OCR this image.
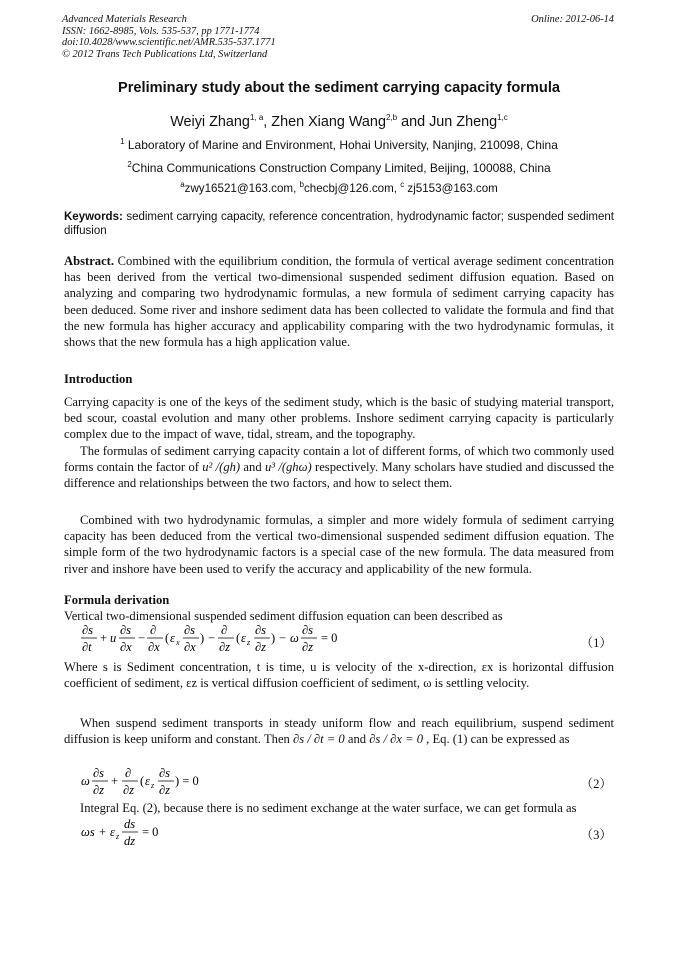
Advanced Materials Research
ISSN: 1662-8985, Vols. 535-537, pp 1771-1774
doi:10.4028/www.scientific.net/AMR.535-537.1771
© 2012 Trans Tech Publications Ltd, Switzerland
Online: 2012-06-14
Preliminary study about the sediment carrying capacity formula
Weiyi Zhang$^{1, a}$, Zhen Xiang Wang$^{2,b}$ and Jun Zheng$^{1,c}$
$^1$ Laboratory of Marine and Environment, Hohai University, Nanjing, 210098, China
$^2$China Communications Construction Company Limited, Beijing, 100088, China
$^a$zwy16521@163.com, $^b$checbj@126.com, $^c$ zj5153@163.com
Keywords: sediment carrying capacity, reference concentration, hydrodynamic factor; suspended sediment diffusion
Abstract. Combined with the equilibrium condition, the formula of vertical average sediment concentration has been derived from the vertical two-dimensional suspended sediment diffusion equation. Based on analyzing and comparing two hydrodynamic formulas, a new formula of sediment carrying capacity has been deduced. Some river and inshore sediment data has been collected to validate the formula and find that the new formula has higher accuracy and applicability comparing with the two hydrodynamic formulas, it shows that the new formula has a high application value.
Introduction
Carrying capacity is one of the keys of the sediment study, which is the basic of studying material transport, bed scour, coastal evolution and many other problems. Inshore sediment carrying capacity is particularly complex due to the impact of wave, tidal, stream, and the topography.
The formulas of sediment carrying capacity contain a lot of different forms, of which two commonly used forms contain the factor of u² /(gh) and u³ /(ghω) respectively. Many scholars have studied and discussed the difference and relationships between the two factors, and how to select them.
Combined with two hydrodynamic formulas, a simpler and more widely formula of sediment carrying capacity has been deduced from the vertical two-dimensional suspended sediment diffusion equation. The simple form of the two hydrodynamic factors is a special case of the new formula. The data measured from river and inshore have been used to verify the accuracy and applicability of the new formula.
Formula derivation
Vertical two-dimensional suspended sediment diffusion equation can been described as
∂s
∂t
+ u
∂s
∂x
−
∂
∂x
( ε x
∂s
∂x
) −
∂
∂z
( ε z
∂s
∂z
) − ω
∂s
∂z
= 0	（1）
Where s is Sediment concentration, t is time, u is velocity of the x-direction, εx is horizontal diffusion coefficient of sediment, εz is vertical diffusion coefficient of sediment, ω is settling velocity.
When suspend sediment transports in steady uniform flow and reach equilibrium, suspend sediment diffusion is keep uniform and constant. Then ∂s / ∂t = 0 and ∂s / ∂x = 0 , Eq. (1) can be expressed as
ω
∂s
∂z
+
∂
∂z
( ε z
∂s
∂z
) = 0	（2）
Integral Eq. (2), because there is no sediment exchange at the water surface, we can get formula as
ωs + ε z
ds
dz
= 0	（3）
